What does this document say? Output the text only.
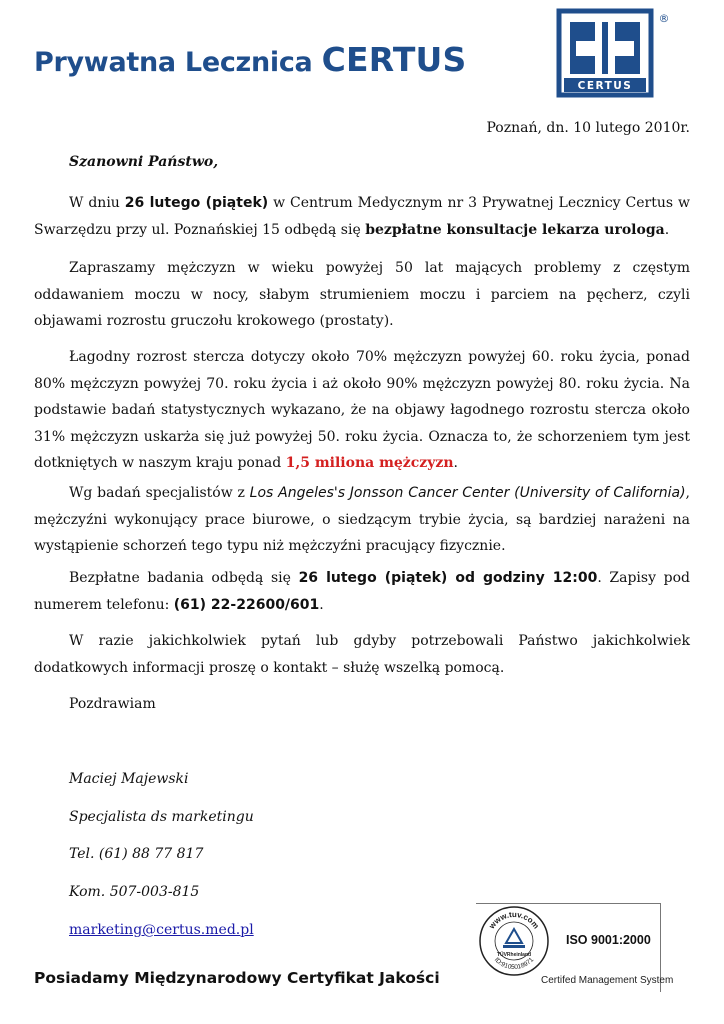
Prywatna Lecznica CERTUS
CERTUS
®
Poznań, dn. 10 lutego 2010r.
Szanowni Państwo,

W dniu 26 lutego (piątek) w Centrum Medycznym nr 3 Prywatnej Lecznicy Certus w Swarzędzu przy ul. Poznańskiej 15 odbędą się bezpłatne konsultacje lekarza urologa.

Zapraszamy mężczyzn w wieku powyżej 50 lat mających problemy z częstym oddawaniem moczu w nocy, słabym strumieniem moczu i parciem na pęcherz, czyli objawami rozrostu gruczołu krokowego (prostaty).

Łagodny rozrost stercza dotyczy około 70% mężczyzn powyżej 60. roku życia, ponad 80% mężczyzn powyżej 70. roku życia i aż około 90% mężczyzn powyżej 80. roku życia. Na podstawie badań statystycznych wykazano, że na objawy łagodnego rozrostu stercza około 31% mężczyzn uskarża się już powyżej 50. roku życia. Oznacza to, że schorzeniem tym jest dotkniętych w naszym kraju ponad 1,5 miliona mężczyzn.

Wg badań specjalistów z Los Angeles's Jonsson Cancer Center (University of California), mężczyźni wykonujący prace biurowe, o siedzącym trybie życia, są bardziej narażeni na wystąpienie schorzeń tego typu niż mężczyźni pracujący fizycznie.

Bezpłatne badania odbędą się 26 lutego (piątek) od godziny 12:00. Zapisy pod numerem telefonu: (61) 22-22600/601.

W razie jakichkolwiek pytań lub gdyby potrzebowali Państwo jakichkolwiek dodatkowych informacji proszę o kontakt – służę wszelką pomocą.

Pozdrawiam
Maciej Majewski
Specjalista ds marketingu
Tel. (61) 88 77 817
Kom. 507-003-815
marketing@certus.med.pl	www.tuv.com
ID:9105018971
TÜVRheinland
ISO 9001:2000
Certifed Management System
Posiadamy Międzynarodowy Certyfikat Jakości
